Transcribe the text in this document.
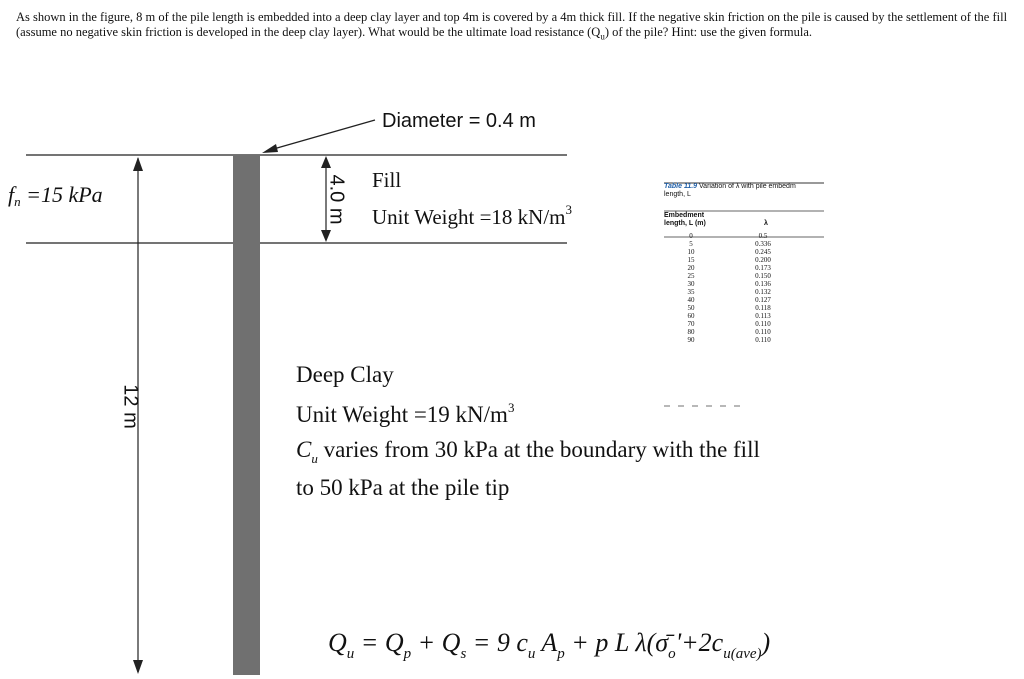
As shown in the figure, 8 m of the pile length is embedded into a deep clay layer and top 4m is covered by a 4m thick fill. If the negative skin friction on the pile is caused by the settlement of the fill (assume no negative skin friction is developed in the deep clay layer). What would be the ultimate load resistance $(Q_u)$ of the pile? Hint: use the given formula.

$f_n =15$ kPa
Diameter = 0.4 m
Fill
Unit Weight =18 $kN/m^3$
4.0 m
12 m
Deep Clay
Unit Weight =19 $kN/m^3$
$C_u$ varies from 30 kPa at the boundary with the fill
to 50 kPa at the pile tip
Table 11.9 Variation of λ with pile embedm
length, L
Embedment length, L (m)	λ
0	0.5
5	0.336
10	0.245
15	0.200
20	0.173
25	0.150
30	0.136
35	0.132
40	0.127
50	0.118
60	0.113
70	0.110
80	0.110
90	0.110
$Q_u = Q_p + Q_s = 9$ $c_u$ $A_p + p$ L $\lambda(\sigmā_o'+2c_{u(ave)})$
